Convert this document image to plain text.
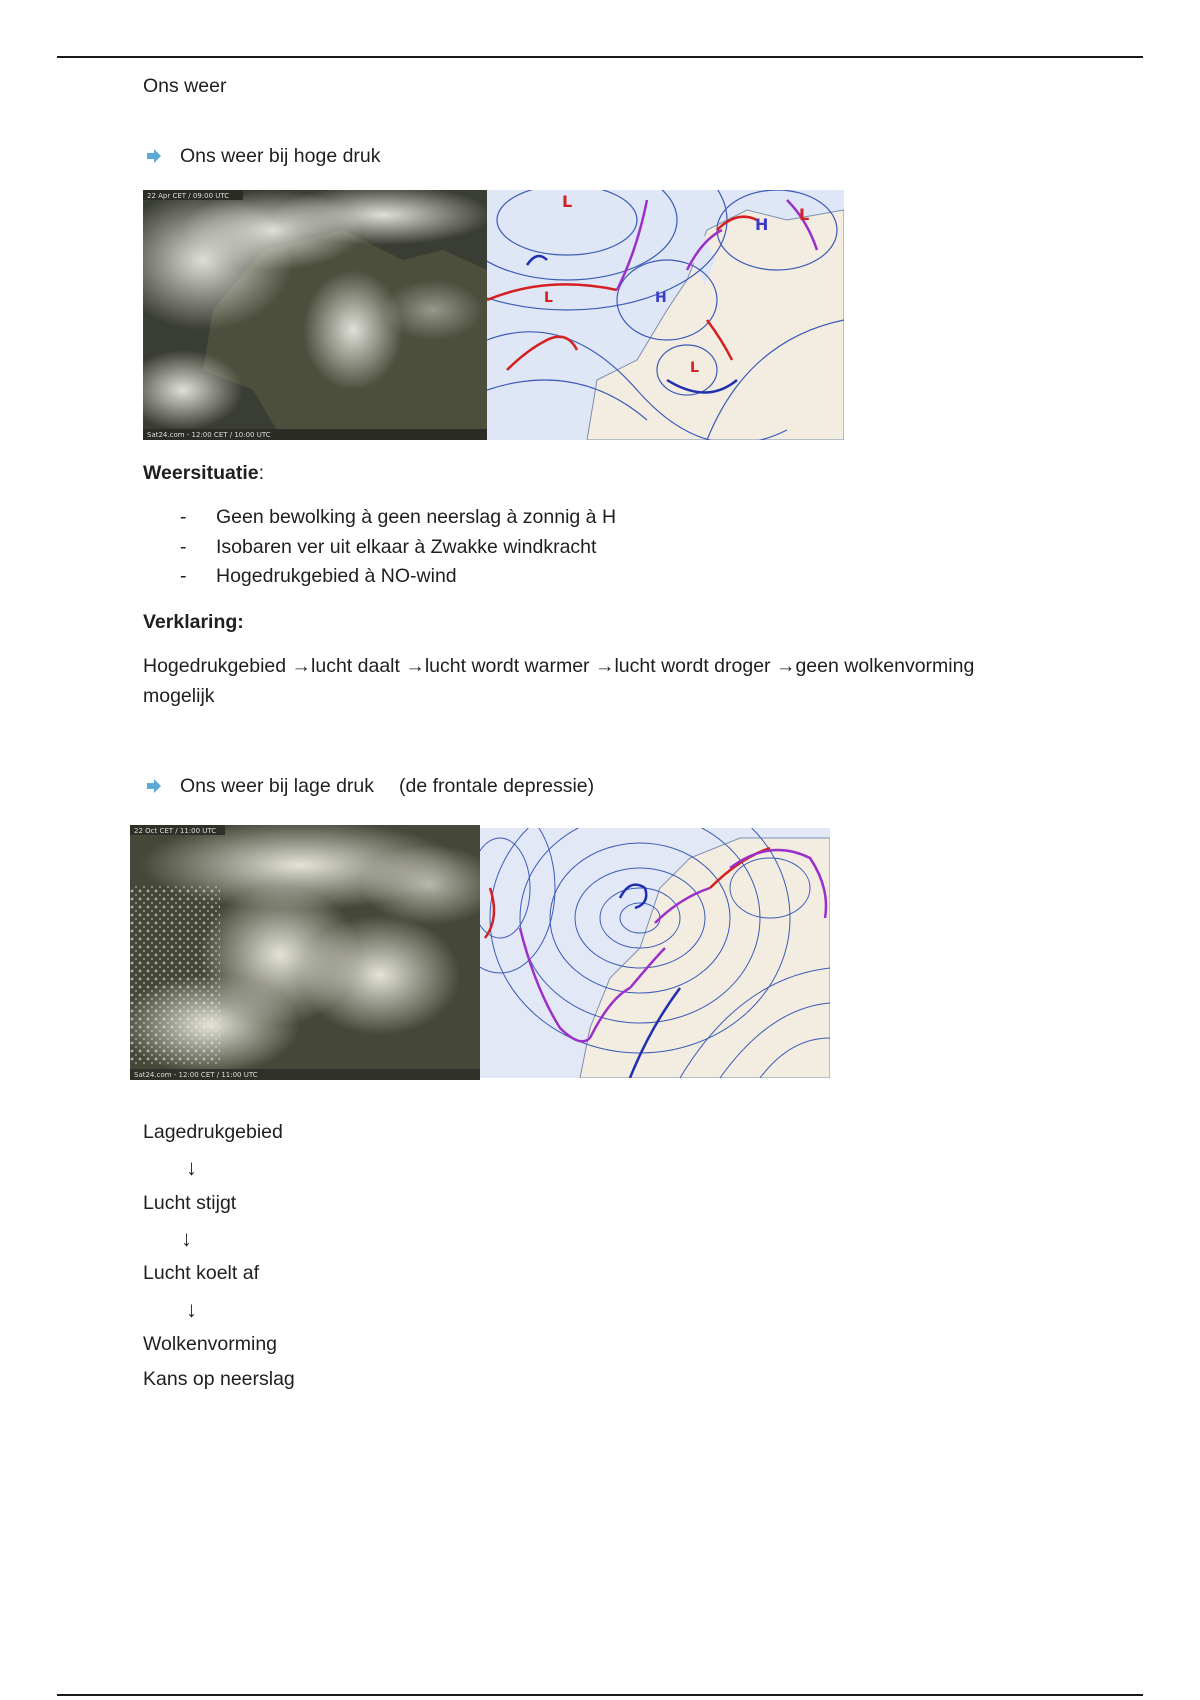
Ons weer
Ons weer bij hoge druk
22 Apr CET / 09:00 UTC
Sat24.com - 12:00 CET / 10:00 UTC
L
H
H
L
L
L
Weersituatie:
- Geen bewolking à geen neerslag à zonnig à H
- Isobaren ver uit elkaar à Zwakke windkracht
- Hogedrukgebied à NO-wind
Verklaring:
Hogedrukgebied →lucht daalt →lucht wordt warmer →lucht wordt droger →geen wolkenvorming mogelijk
Ons weer bij lage druk (de frontale depressie)
22 Oct CET / 11:00 UTC
Sat24.com - 12:00 CET / 11:00 UTC
Lagedrukgebied
↓
Lucht stijgt
↓
Lucht koelt af
↓
Wolkenvorming
Kans op neerslag
